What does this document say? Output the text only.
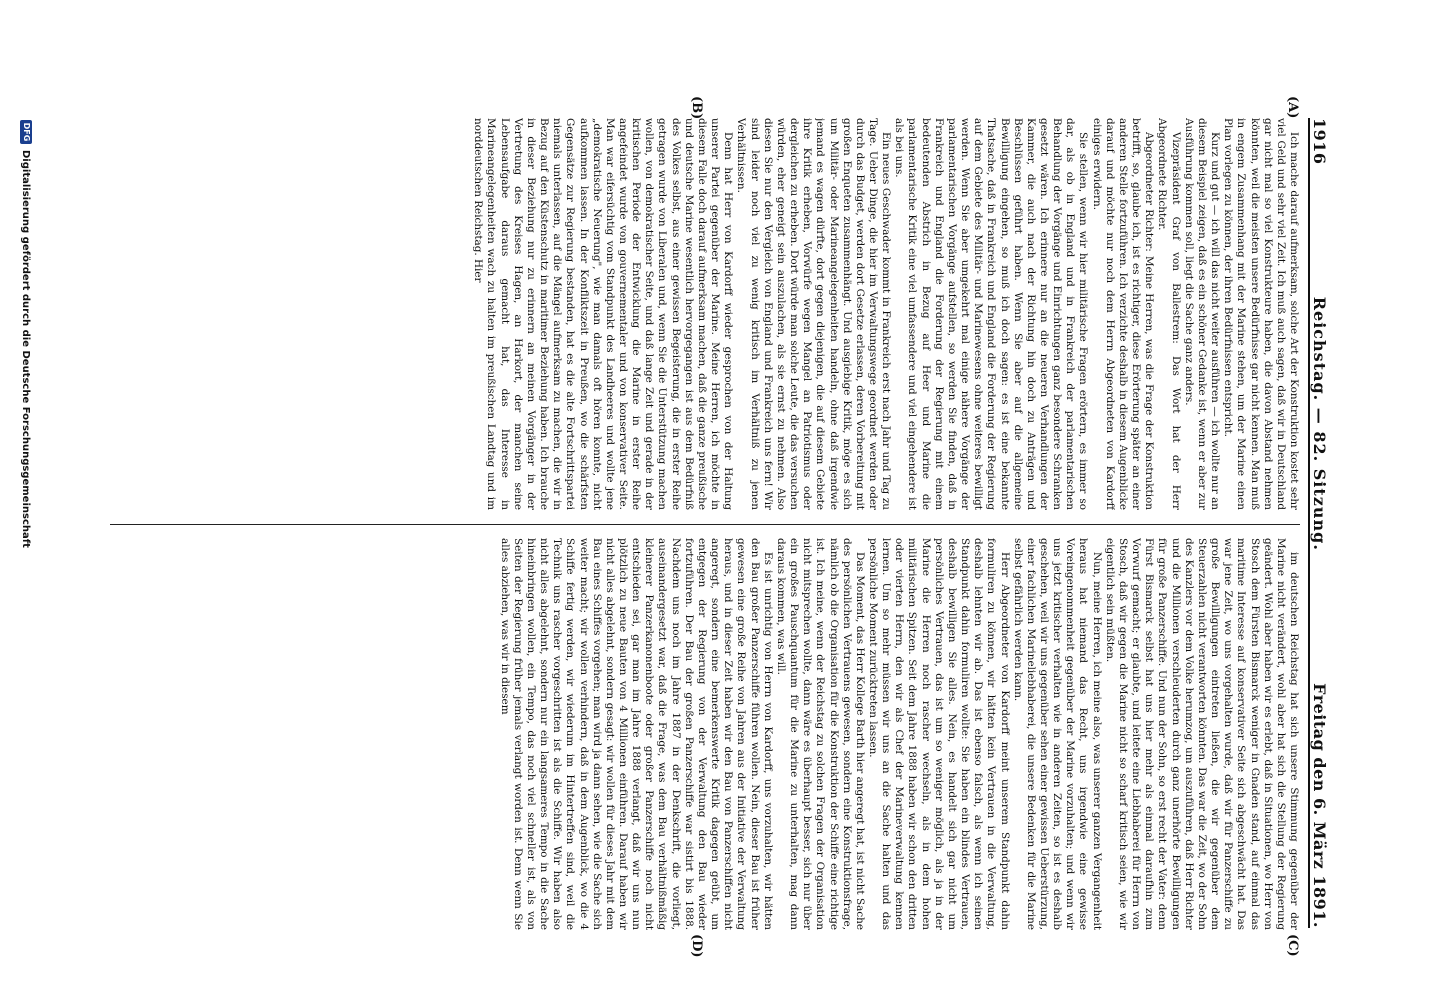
1916
Reichstag. — 82. Sitzung.
Freitag den 6. März 1891.
(A)
(B)
(C)
(D)

Ich mache darauf aufmerksam, solche Art der Konstruktion kostet sehr viel Geld und sehr viel Zeit. Ich muß auch sagen, daß wir in Deutschland gar nicht mal so viel Konstrukteure haben, die davon Abstand nehmen könnten, weil die meisten unsere Bedürfnisse gar nicht kennen. Man muß in engem Zusammenhang mit der Marine stehen, um der Marine einen Plan vorlegen zu können, der ihren Bedürfnissen entspricht.

Kurz und gut — ich will das nicht weiter ausführen — ich wollte nur an diesem Beispiel zeigen, daß es ein schöner Gedanke ist, wenn er aber zur Ausführung kommen soll, liegt die Sache ganz anders.

Vizepräsident Graf von Ballestrem: Das Wort hat der Herr Abgeordnete Richter.

Abgeordneter Richter: Meine Herren, was die Frage der Konstruktion betrifft, so, glaube ich, ist es richtiger, diese Erörterung später an einer anderen Stelle fortzuführen. Ich verzichte deshalb in diesem Augenblicke darauf und möchte nur noch dem Herrn Abgeordneten von Kardorff einiges erwidern.

Sie stellen, wenn wir hier militärische Fragen erörtern, es immer so dar, als ob in England und in Frankreich der parlamentarischen Behandlung der Vorgänge und Einrichtungen ganz besondere Schranken gesetzt wären. Ich erinnere nur an die neueren Verhandlungen der Kammer, die auch nach der Richtung hin doch zu Anträgen und Beschlüssen geführt haben. Wenn Sie aber auf die allgemeine Bewilligung eingehen, so muß ich doch sagen: es ist eine bekannte Thatsache, daß in Frankreich und England die Forderung der Regierung auf dem Gebiete des Militär- und Marinewesens ohne weiteres bewilligt werden. Wenn Sie aber umgekehrt mal einige nähere Vorgänge der parlamentarischen Vorgänge aufstellen, so werden Sie finden, daß in Frankreich und England die Forderung der Regierung mit einem bedeutenden Abstrich in Bezug auf Heer und Marine die parlamentarische Kritik eine viel umfassendere und viel eingehendere ist als bei uns.

Ein neues Geschwader kommt in Frankreich erst nach Jahr und Tag zu Tage. Ueber Dinge, die hier im Verwaltungswege geordnet werden oder durch das Budget, werden dort Gesetze erlassen, deren Vorbereitung mit großen Enqueten zusammenhängt. Und ausgiebige Kritik, möge es sich um Militär- oder Marineangelegenheiten handeln, ohne daß irgendwie jemand es wagen dürfte, dort gegen diejenigen, die auf diesem Gebiete ihre Kritik erheben, Vorwürfe wegen Mangel an Patriotismus oder dergleichen zu erheben. Dort würde man solche Leute, die das versuchen würden, eher geneigt sein auszulachen, als sie ernst zu nehmen. Also diesen Sie nur den Vergleich von England und Frankreich uns fern! Wir sind leider noch viel zu wenig kritisch im Verhältniß zu jenen Verhältnissen.

Denn hat Herr von Kardorff wieder gesprochen von der Haltung unserer Partei gegenüber der Marine. Meine Herren, ich möchte in diesem Falle doch darauf aufmerksam machen, daß die ganze preußische und deutsche Marine wesentlich hervorgegangen ist aus dem Bedürfniß des Volkes selbst, aus einer gewissen Begeisterung, die in erster Reihe getragen wurde von Liberalen und, wenn Sie die Unterstützung machen wollen, von demokratischer Seite, und daß lange Zeit und gerade in der kritischen Periode der Entwicklung die Marine in erster Reihe angefeindet wurde von gouvernementaler und von konservativer Seite. Man war eifersüchtig vom Standpunkt des Landheeres und wollte jene „demokratische Neuerung", wie man damals oft hören konnte, nicht aufkommen lassen. In der Konfliktszeit in Preußen, wo die schärfsten Gegensätze zur Regierung bestanden, hat es die alte Fortschrittspartei niemals unterlassen, auf die Mängel aufmerksam zu machen, die wir in Bezug auf den Küstenschutz in maritimer Beziehung haben. Ich brauche in dieser Beziehung nur zu erinnern an meinen Vorgänger in der Vertretung des Kreises Hagen, an Harkort, der manchen seine Lebensaufgabe daraus gemacht hat, das Interesse in Marineangelegenheiten wach zu halten im preußischen Landtag und im norddeutschen Reichstag. Hier

im deutschen Reichstag hat sich unsere Stimmung gegenüber der Marine nicht verändert, wohl aber hat sich die Stellung der Regierung geändert. Wohl aber haben wir es erlebt, daß in Situationen, wo Herr von Stosch dem Fürsten Bismarck weniger in Gnaden stand, auf einmal das maritime Interesse auf konservativer Seite sich abgeschwächt hat. Das war jene Zeit, wo uns vorgehalten wurde, daß wir für Panzerschiffe zu große Bewilligungen eintreten ließen, die wir gegenüber dem Steuerzahlen nicht verantworten könnten. Das war die Zeit, wo der Sohn des Kanzlers vor dem Volke herumzog, um auszuführen, daß Herr Richter und die Millionen verschleuderten durch ganz unerhörte Bewilligungen für große Panzerschiffe. Und nun der Sohn, so erst recht der Vater: denn Fürst Bismarck selbst hat uns hier mehr als einmal daraufhin zum Vorwurf gemacht; er glaubte, und leitete eine Liebhaberei für Herrn von Stosch, daß wir gegen die Marine nicht so scharf kritisch seien, wie wir eigentlich sein müßten.

Nun, meine Herren, ich meine also, was unserer ganzen Vergangenheit heraus hat niemand das Recht, uns irgendwie eine gewisse Voreingenommenheit gegenüber der Marine vorzuhalten; und wenn wir uns jetzt kritischer verhalten wie in anderen Zeiten, so ist es deshalb geschehen, weil wir uns gegenüber sehen einer gewissen Ueberstürzung, einer fachlichen Marineliebhaberei, die unsere Bedenken für die Marine selbst gefährlich werden kann.

Herr Abgeordneter von Kardorff meint unserem Standpunkt dahin formuliren zu können, wir hätten kein Vertrauen in die Verwaltung, deshalb lehnten wir ab. Das ist ebenso falsch, als wenn ich seinen Standpunkt dahin formuliren wollte: Sie haben ein blindes Vertrauen, deshalb bewilligen Sie alles. Nein, es handelt sich gar nicht um persönliches Vertrauen, das ist um so weniger möglich, als ja in der Marine die Herren noch rascher wechseln, als in dem hohen militärischen Spitzen. Seit dem Jahre 1888 haben wir schon den dritten oder vierten Herrn, den wir als Chef der Marineverwaltung kennen lernen. Um so mehr müssen wir uns an die Sache halten und das persönliche Moment zurücktreten lassen.

Das Moment, das Herr Kollege Barth hier angeregt hat, ist nicht Sache des persönlichen Vertrauens gewesen, sondern eine Konstruktionsfrage, nämlich ob die Organisation für die Konstruktion der Schiffe eine richtige ist. Ich meine, wenn der Reichstag zu solchen Fragen der Organisation nicht mitsprechen wollte, dann wäre es überhaupt besser, sich nur über ein großes Pauschquantum für die Marine zu unterhalten, mag dann daraus kommen, was will.

Es ist unrichtig von Herrn von Kardorff, uns vorzuhalten, wir hätten den Bau großer Panzerschiffe führen wollen. Nein, dieser Bau ist früher gewesen eine große Reihe von Jahren aus der Initiative der Verwaltung heraus, und in dieser Zeit haben wir den Bau von Panzerschiffen nicht angeregt, sondern eine bemerkenswerte Kritik dagegen geübt, um entgegen der Regierung von der Verwaltung den Bau wieder fortzuführen. Der Bau der großen Panzerschiffe war sistirt bis 1888. Nachdem uns noch im Jahre 1887 in der Denkschrift, die vorliegt, auseinandergesetzt war, daß die Frage, was dem Bau verhältnißmäßig kleinerer Panzerkanonenboote oder großer Panzerschiffe noch nicht entschieden sei, gar man im Jahre 1888 verlangt, daß wir uns nun plötzlich zu neue Bauten von 4 Millionen einführen. Darauf haben wir nicht alles abgelehnt, sondern gesagt: wir wollen für dieses Jahr mit dem Bau eines Schiffes vorgehen; man wird ja dann sehen, wie die Sache sich weiter macht; wir wollen verhindern, daß in dem Augenblick, wo die 4 Schiffe fertig werden, wir wiederum im Hintertreffen sind, weil die Technik uns rascher vorgeschritten ist als die Schiffe. Wir haben also nicht alles abgelehnt, sondern nur ein langsameres Tempo in die Sache hineinbringen wollen, ein Tempo, das noch viel schneller ist, als von Seiten der Regierung früher jemals verlangt worden ist. Denn wenn Sie alles abziehen, was wir in diesem

DFG
Digitalisierung gefördert durch die Deutsche Forschungsgemeinschaft
